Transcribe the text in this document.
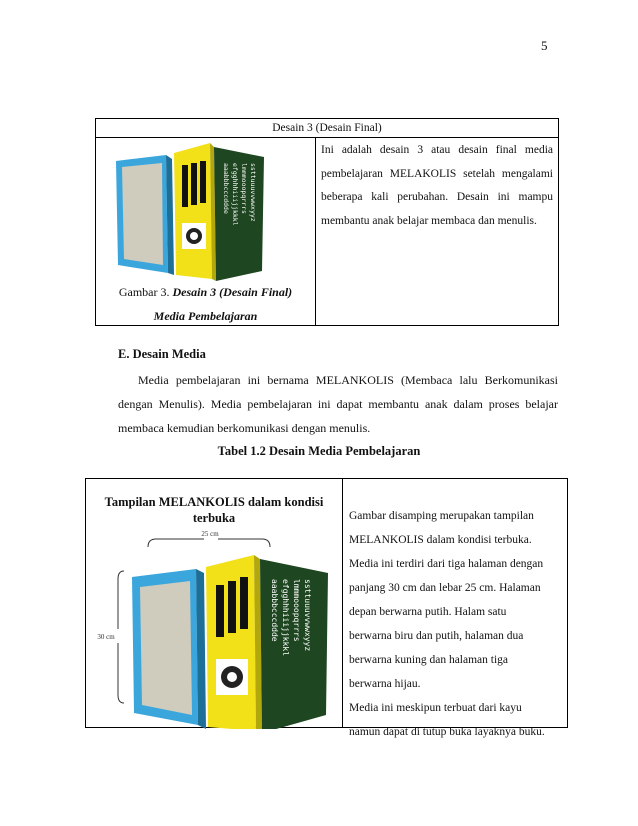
5
Desain 3 (Desain Final)
aaabbbcccddde efgghhhiiijjkkkl lmmmooopqrrrs ssttuuuvvwwxyyz
Ini adalah desain 3 atau desain final media pembelajaran MELAKOLIS setelah mengalami beberapa kali perubahan. Desain ini mampu membantu anak belajar membaca dan menulis.
Gambar 3. Desain 3 (Desain Final)
Media Pembelajaran
E. Desain Media
Media pembelajaran ini bernama MELANKOLIS (Membaca lalu Berkomunikasi dengan Menulis). Media pembelajaran ini dapat membantu anak dalam proses belajar membaca kemudian berkomunikasi dengan menulis.
Tabel 1.2 Desain Media Pembelajaran
Tampilan MELANKOLIS dalam kondisi terbuka
25 cm
30 cm	aaabbbcccddde efgghhhiiijjkkkl lmmmooopqrrrs ssttuuuvvwwxyyz
Gambar disamping merupakan tampilan
MELANKOLIS dalam kondisi terbuka.
Media ini terdiri dari tiga halaman dengan
panjang 30 cm dan lebar 25 cm. Halaman
depan berwarna putih. Halam satu
berwarna biru dan putih, halaman dua
berwarna kuning dan halaman tiga
berwarna hijau.
Media ini meskipun terbuat dari kayu
namun dapat di tutup buka layaknya buku.
